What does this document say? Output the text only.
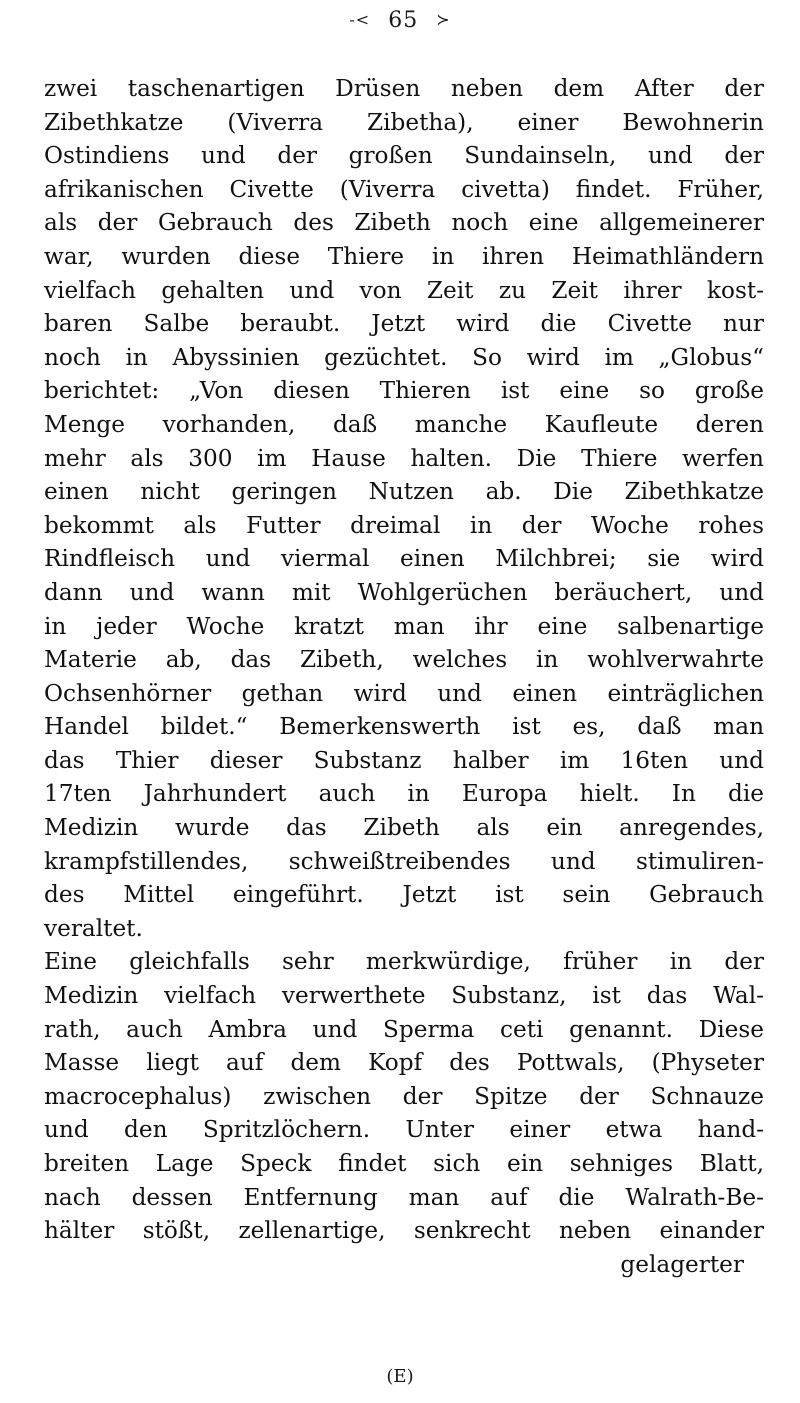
-< 65 ≻
zwei taschenartigen Drüsen neben dem After der
Zibethkatze (Viverra Zibetha), einer Bewohnerin
Ostindiens und der großen Sundainseln, und der
afrikanischen Civette (Viverra civetta) findet. Früher,
als der Gebrauch des Zibeth noch eine allgemeinerer
war, wurden diese Thiere in ihren Heimathländern
vielfach gehalten und von Zeit zu Zeit ihrer kost-
baren Salbe beraubt. Jetzt wird die Civette nur
noch in Abyssinien gezüchtet. So wird im „Globus“
berichtet: „Von diesen Thieren ist eine so große
Menge vorhanden, daß manche Kaufleute deren
mehr als 300 im Hause halten. Die Thiere werfen
einen nicht geringen Nutzen ab. Die Zibethkatze
bekommt als Futter dreimal in der Woche rohes
Rindfleisch und viermal einen Milchbrei; sie wird
dann und wann mit Wohlgerüchen beräuchert, und
in jeder Woche kratzt man ihr eine salbenartige
Materie ab, das Zibeth, welches in wohlverwahrte
Ochsenhörner gethan wird und einen einträglichen
Handel bildet.“ Bemerkenswerth ist es, daß man
das Thier dieser Substanz halber im 16ten und
17ten Jahrhundert auch in Europa hielt. In die
Medizin wurde das Zibeth als ein anregendes,
krampfstillendes, schweißtreibendes und stimuliren-
des Mittel eingeführt. Jetzt ist sein Gebrauch
veraltet.
Eine gleichfalls sehr merkwürdige, früher in der
Medizin vielfach verwerthete Substanz, ist das Wal-
rath, auch Ambra und Sperma ceti genannt. Diese
Masse liegt auf dem Kopf des Pottwals, (Physeter
macrocephalus) zwischen der Spitze der Schnauze
und den Spritzlöchern. Unter einer etwa hand-
breiten Lage Speck findet sich ein sehniges Blatt,
nach dessen Entfernung man auf die Walrath-Be-
hälter stößt, zellenartige, senkrecht neben einander
gelagerter
(E)
